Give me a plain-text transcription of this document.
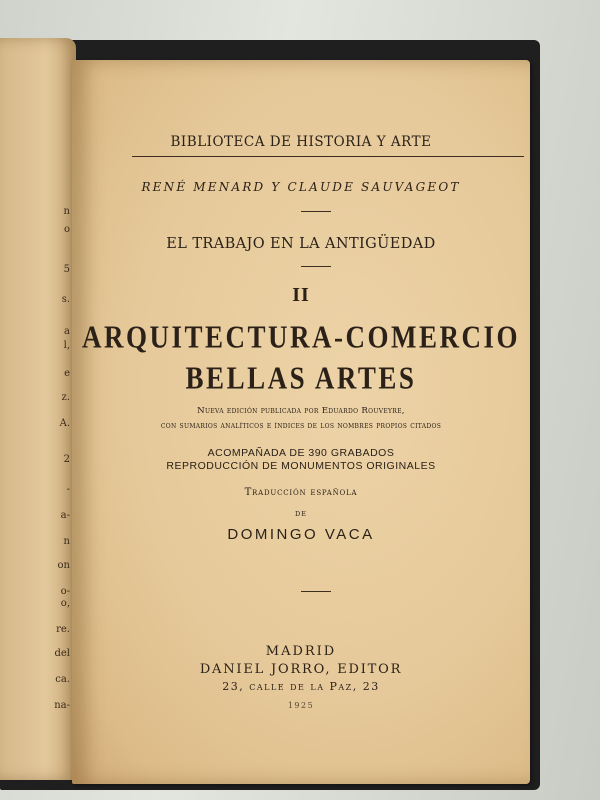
n
o
5
s.
a
l,
e
z.
A.
2
-
a-
n
on
o-
o,
re.
del
ca.
na-
BIBLIOTECA DE HISTORIA Y ARTE
RENÉ MENARD Y CLAUDE SAUVAGEOT
EL TRABAJO EN LA ANTIGÜEDAD
II
ARQUITECTURA-COMERCIO
BELLAS ARTES
Nueva edición publicada por Eduardo Rouveyre,
con sumarios analíticos e índices de los nombres propios citados
ACOMPAÑADA DE 390 GRABADOS
REPRODUCCIÓN DE MONUMENTOS ORIGINALES
Traducción española
DE
DOMINGO VACA
MADRID
DANIEL JORRO, EDITOR
23, calle de la Paz, 23
1925
